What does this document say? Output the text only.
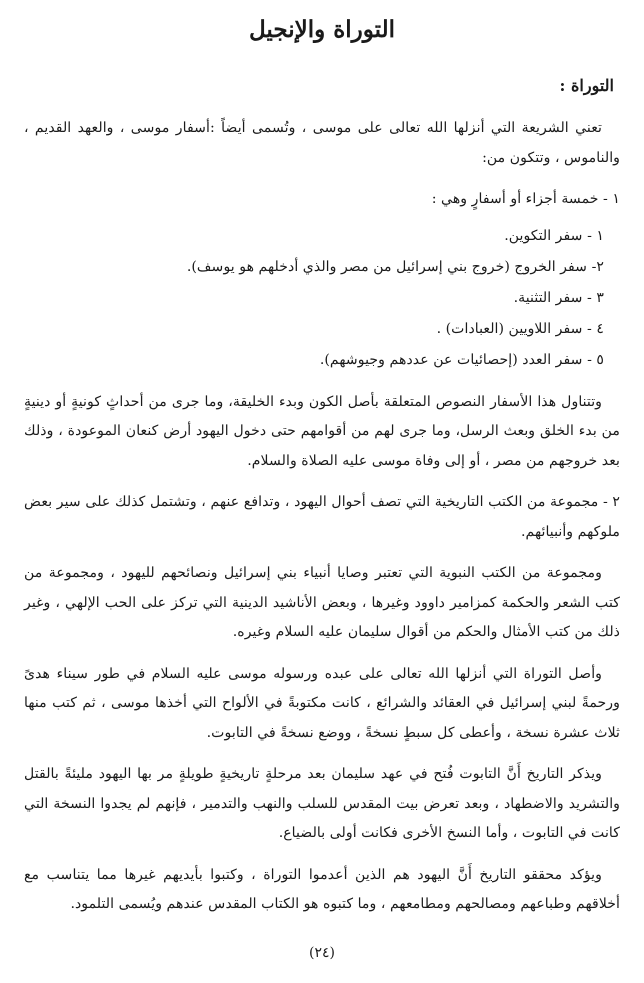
التوراة والإنجيل
التوراة :

تعني الشريعة التي أنزلها الله تعالى على موسى ، وتُسمى أيضاً :أسفار موسى ، والعهد القديم ، والناموس ، وتتكون من:

١ - خمسة أجزاء أو أسفارٍ وهي :

١ - سفر التكوين.
٢- سفر الخروج (خروج بني إسرائيل من مصر والذي أدخلهم هو يوسف).
٣ - سفر التثنية.
٤ - سفر اللاويين (العبادات) .
٥ - سفر العدد (إحصائيات عن عددهم وجيوشهم).

وتتناول هذا الأسفار النصوص المتعلقة بأصل الكون وبدء الخليقة، وما جرى من أحداثٍ كونيةٍ أو دينيةٍ من بدء الخلق وبعث الرسل، وما جرى لهم من أقوامهم حتى دخول اليهود أرض كنعان الموعودة ، وذلك بعد خروجهم من مصر ، أو إلى وفاة موسى عليه الصلاة والسلام.

٢ - مجموعة من الكتب التاريخية التي تصف أحوال اليهود ، وتدافع عنهم ، وتشتمل كذلك على سير بعض ملوكهم وأنبيائهم.

ومجموعة من الكتب النبوية التي تعتبر وصايا أنبياء بني إسرائيل ونصائحهم لليهود ، ومجموعة من كتب الشعر والحكمة كمزامير داوود وغيرها ، وبعض الأناشيد الدينية التي تركز على الحب الإلهي ، وغير ذلك من كتب الأمثال والحكم من أقوال سليمان عليه السلام وغيره.

وأصل التوراة التي أنزلها الله تعالى على عبده ورسوله موسى عليه السلام في طور سيناء هدىً ورحمةً لبني إسرائيل في العقائد والشرائع ، كانت مكتوبةً في الألواح التي أخذها موسى ، ثم كتب منها ثلاث عشرة نسخة ، وأعطى كل سبطٍ نسخةً ، ووضع نسخةً في التابوت.

ويذكر التاريخ أَنَّ التابوت فُتح في عهد سليمان بعد مرحلةٍ تاريخيةٍ طويلةٍ مر بها اليهود مليئةً بالقتل والتشريد والاضطهاد ، وبعد تعرض بيت المقدس للسلب والنهب والتدمير ، فإنهم لم يجدوا النسخة التي كانت في التابوت ، وأما النسخ الأخرى فكانت أولى بالضياع.

ويؤكد محققو التاريخ أَنَّ اليهود هم الذين أعدموا التوراة ، وكتبوا بأيديهم غيرها مما يتناسب مع أخلاقهم وطباعهم ومصالحهم ومطامعهم ، وما كتبوه هو الكتاب المقدس عندهم ويُسمى التلمود.

(٢٤)
